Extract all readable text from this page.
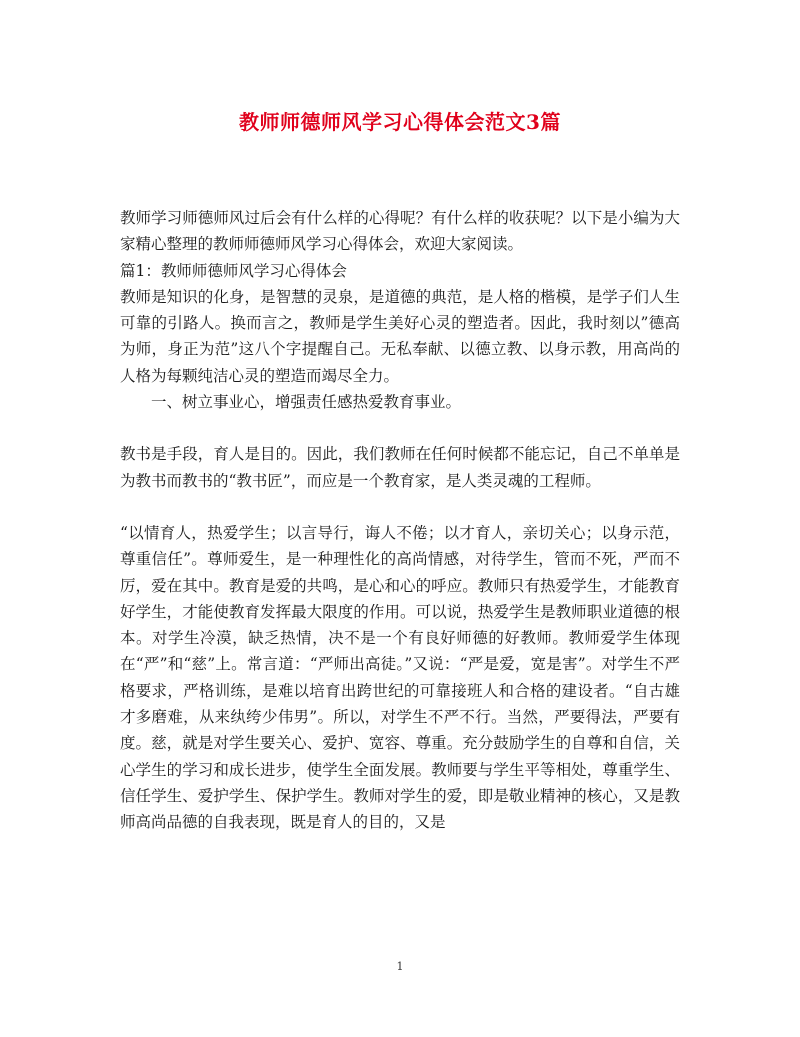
教师师德师风学习心得体会范文3篇

教师学习师德师风过后会有什么样的心得呢？有什么样的收获呢？以下是小编为大家精心整理的教师师德师风学习心得体会，欢迎大家阅读。

篇1：教师师德师风学习心得体会

教师是知识的化身，是智慧的灵泉，是道德的典范，是人格的楷模，是学子们人生可靠的引路人。换而言之，教师是学生美好心灵的塑造者。因此，我时刻以”德高为师，身正为范”这八个字提醒自己。无私奉献、以德立教、以身示教，用高尚的人格为每颗纯洁心灵的塑造而竭尽全力。

一、树立事业心，增强责任感热爱教育事业。

教书是手段，育人是目的。因此，我们教师在任何时候都不能忘记，自己不单单是为教书而教书的“教书匠”，而应是一个教育家，是人类灵魂的工程师。

“以情育人，热爱学生；以言导行，诲人不倦；以才育人，亲切关心；以身示范，尊重信任”。尊师爱生，是一种理性化的高尚情感，对待学生，管而不死，严而不厉，爱在其中。教育是爱的共鸣，是心和心的呼应。教师只有热爱学生，才能教育好学生，才能使教育发挥最大限度的作用。可以说，热爱学生是教师职业道德的根本。对学生冷漠，缺乏热情，决不是一个有良好师德的好教师。教师爱学生体现在“严”和“慈”上。常言道：“严师出高徒。”又说：“严是爱，宽是害”。对学生不严格要求，严格训练，是难以培育出跨世纪的可靠接班人和合格的建设者。“自古雄才多磨难，从来纨绔少伟男”。所以，对学生不严不行。当然，严要得法，严要有度。慈，就是对学生要关心、爱护、宽容、尊重。充分鼓励学生的自尊和自信，关心学生的学习和成长进步，使学生全面发展。教师要与学生平等相处，尊重学生、信任学生、爱护学生、保护学生。教师对学生的爱，即是敬业精神的核心，又是教师高尚品德的自我表现，既是育人的目的，又是

1
